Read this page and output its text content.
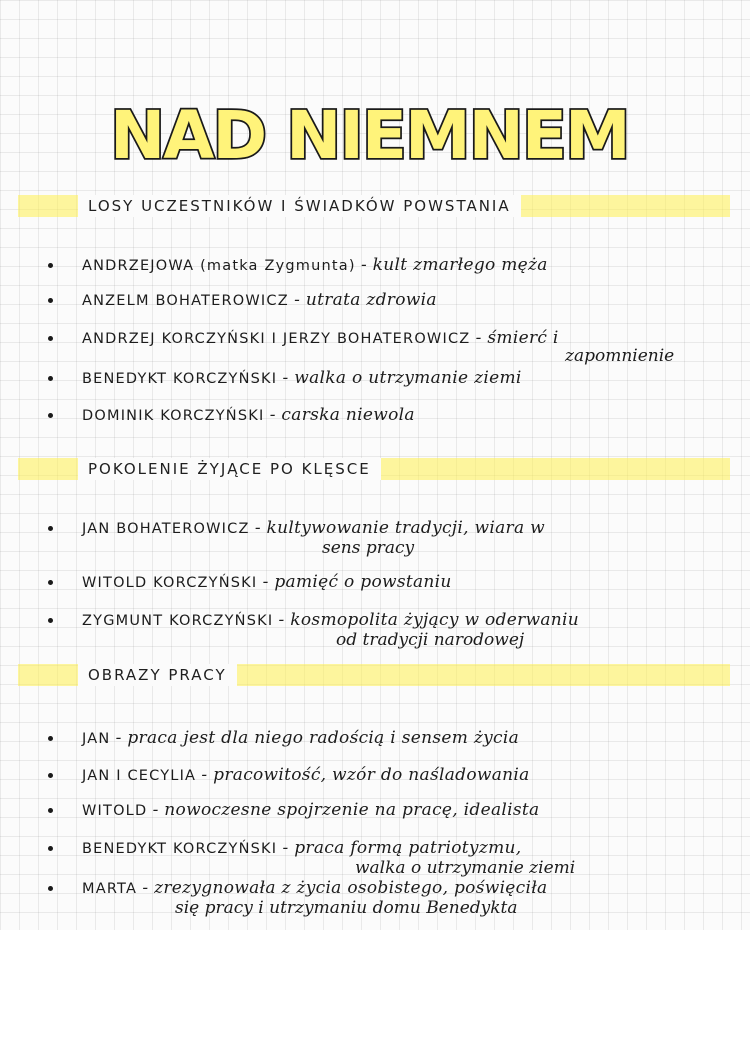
NAD NIEMNEM
LOSY UCZESTNIKÓW I ŚWIADKÓW POWSTANIA
ANDRZEJOWA (matka Zygmunta) - kult zmarłego męża
ANZELM BOHATEROWICZ - utrata zdrowia
ANDRZEJ KORCZYŃSKI I JERZY BOHATEROWICZ - śmierć i
zapomnienie
BENEDYKT KORCZYŃSKI - walka o utrzymanie ziemi
DOMINIK KORCZYŃSKI - carska niewola
POKOLENIE ŻYJĄCE PO KLĘSCE
JAN BOHATEROWICZ - kultywowanie tradycji, wiara w
sens pracy
WITOLD KORCZYŃSKI - pamięć o powstaniu
ZYGMUNT KORCZYŃSKI - kosmopolita żyjący w oderwaniu
od tradycji narodowej
OBRAZY PRACY
JAN - praca jest dla niego radością i sensem życia
JAN I CECYLIA - pracowitość, wzór do naśladowania
WITOLD - nowoczesne spojrzenie na pracę, idealista
BENEDYKT KORCZYŃSKI - praca formą patriotyzmu,
walka o utrzymanie ziemi
MARTA - zrezygnowała z życia osobistego, poświęciła
się pracy i utrzymaniu domu Benedykta
